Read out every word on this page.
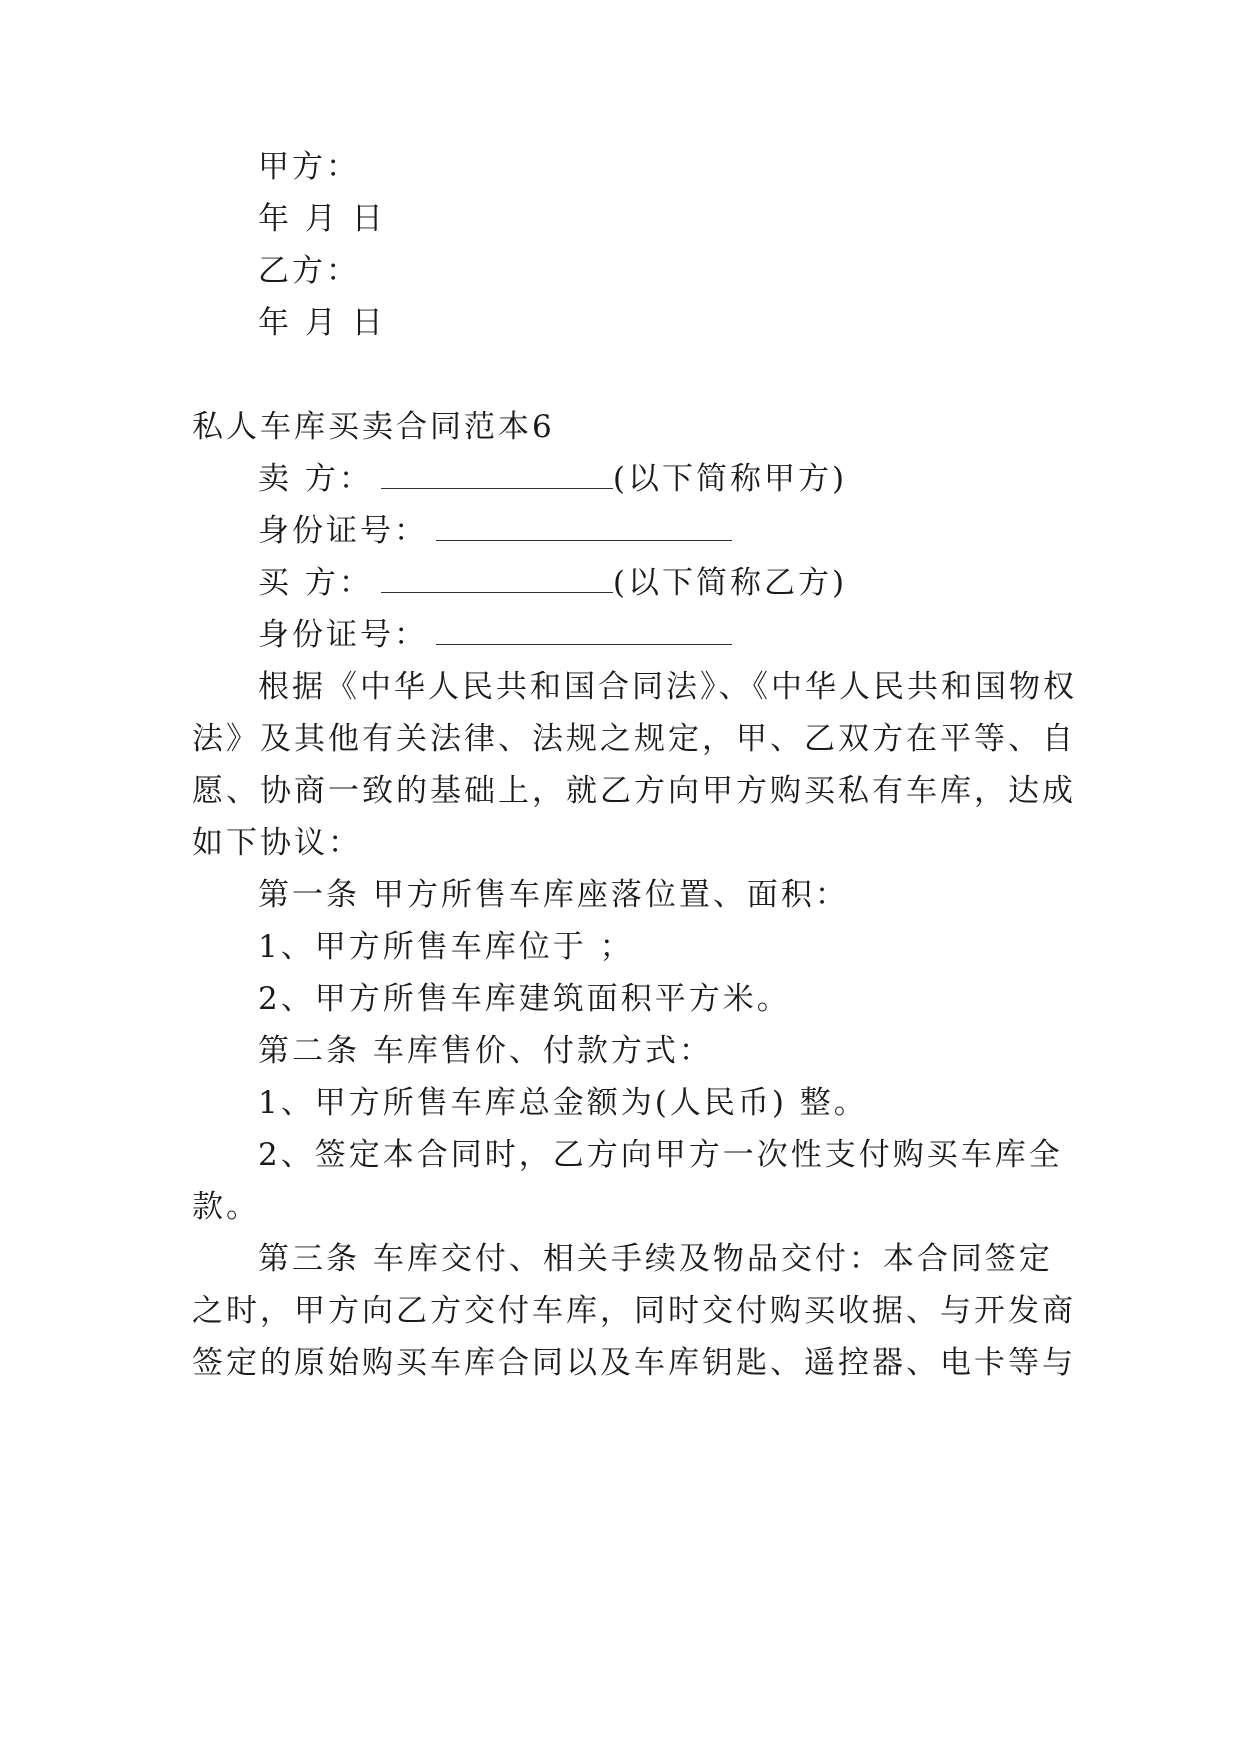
甲方：
年 月 日
乙方：
年 月 日
私人车库买卖合同范本6
卖 方：	(以下简称甲方)
身份证号：
买 方：	(以下简称乙方)
身份证号：
根据《中华人民共和国合同法》、《中华人民共和国物权
法》及其他有关法律、法规之规定，甲、乙双方在平等、自
愿、协商一致的基础上，就乙方向甲方购买私有车库，达成
如下协议：
第一条 甲方所售车库座落位置、面积：
1、甲方所售车库位于 ；
2、甲方所售车库建筑面积平方米。
第二条 车库售价、付款方式：
1、甲方所售车库总金额为(人民币) 整。
2、签定本合同时，乙方向甲方一次性支付购买车库全
款。
第三条 车库交付、相关手续及物品交付：本合同签定
之时，甲方向乙方交付车库，同时交付购买收据、与开发商
签定的原始购买车库合同以及车库钥匙、遥控器、电卡等与
